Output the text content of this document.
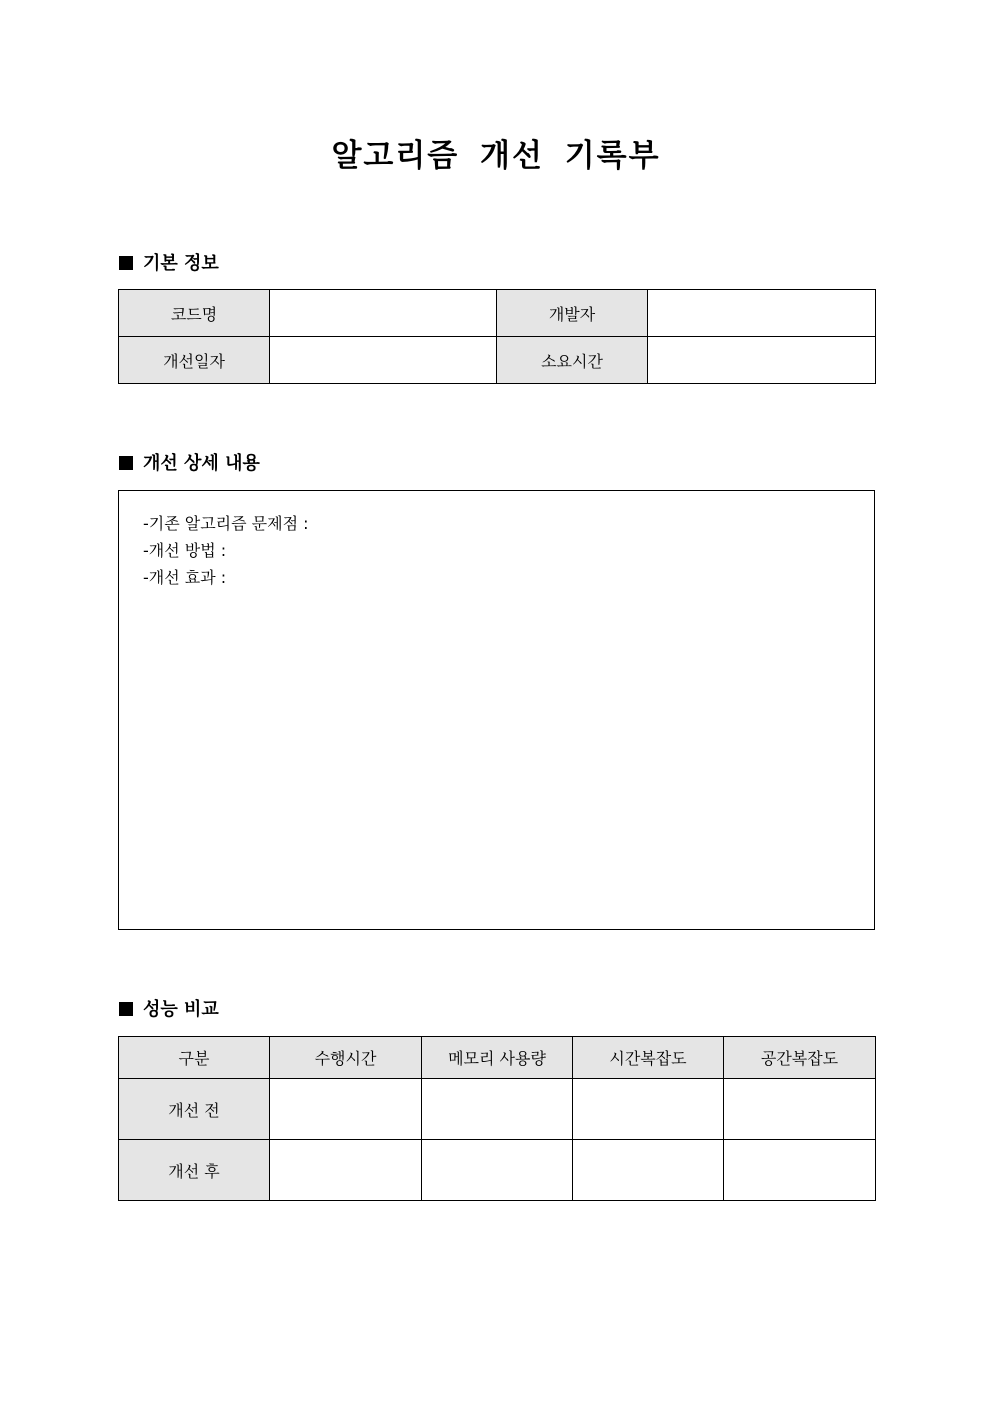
알고리즘 개선 기록부
기본 정보
코드명		개발자	
개선일자		소요시간	
개선 상세 내용
-기존 알고리즘 문제점 :
-개선 방법 :
-개선 효과 :
성능 비교
구분	수행시간	메모리 사용량	시간복잡도	공간복잡도
개선 전				
개선 후				
